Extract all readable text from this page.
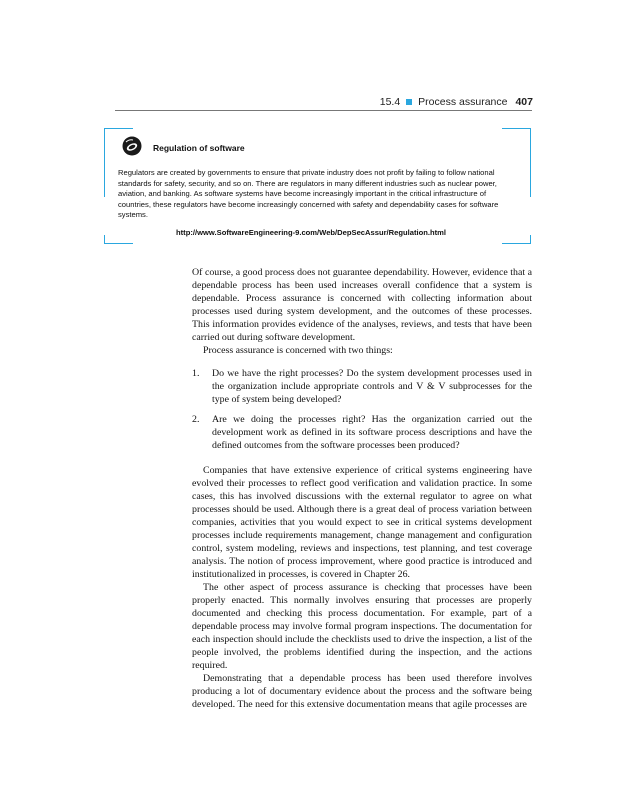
15.4 Process assurance 407
Regulation of software
Regulators are created by governments to ensure that private industry does not profit by failing to follow national standards for safety, security, and so on. There are regulators in many different industries such as nuclear power, aviation, and banking. As software systems have become increasingly important in the critical infrastructure of countries, these regulators have become increasingly concerned with safety and dependability cases for software systems.
http://www.SoftwareEngineering-9.com/Web/DepSecAssur/Regulation.html

Of course, a good process does not guarantee dependability. However, evidence that a dependable process has been used increases overall confidence that a system is dependable. Process assurance is concerned with collecting information about processes used during system development, and the outcomes of these processes. This information provides evidence of the analyses, reviews, and tests that have been carried out during software development.

Process assurance is concerned with two things:

1. Do we have the right processes? Do the system development processes used in the organization include appropriate controls and V & V subprocesses for the type of system being developed?
2. Are we doing the processes right? Has the organization carried out the development work as defined in its software process descriptions and have the defined outcomes from the software processes been produced?

Companies that have extensive experience of critical systems engineering have evolved their processes to reflect good verification and validation practice. In some cases, this has involved discussions with the external regulator to agree on what processes should be used. Although there is a great deal of process variation between companies, activities that you would expect to see in critical systems development processes include requirements management, change management and configuration control, system modeling, reviews and inspections, test planning, and test coverage analysis. The notion of process improvement, where good practice is introduced and institutionalized in processes, is covered in Chapter 26.

The other aspect of process assurance is checking that processes have been properly enacted. This normally involves ensuring that processes are properly documented and checking this process documentation. For example, part of a dependable process may involve formal program inspections. The documentation for each inspection should include the checklists used to drive the inspection, a list of the people involved, the problems identified during the inspection, and the actions required.

Demonstrating that a dependable process has been used therefore involves producing a lot of documentary evidence about the process and the software being developed. The need for this extensive documentation means that agile processes are
